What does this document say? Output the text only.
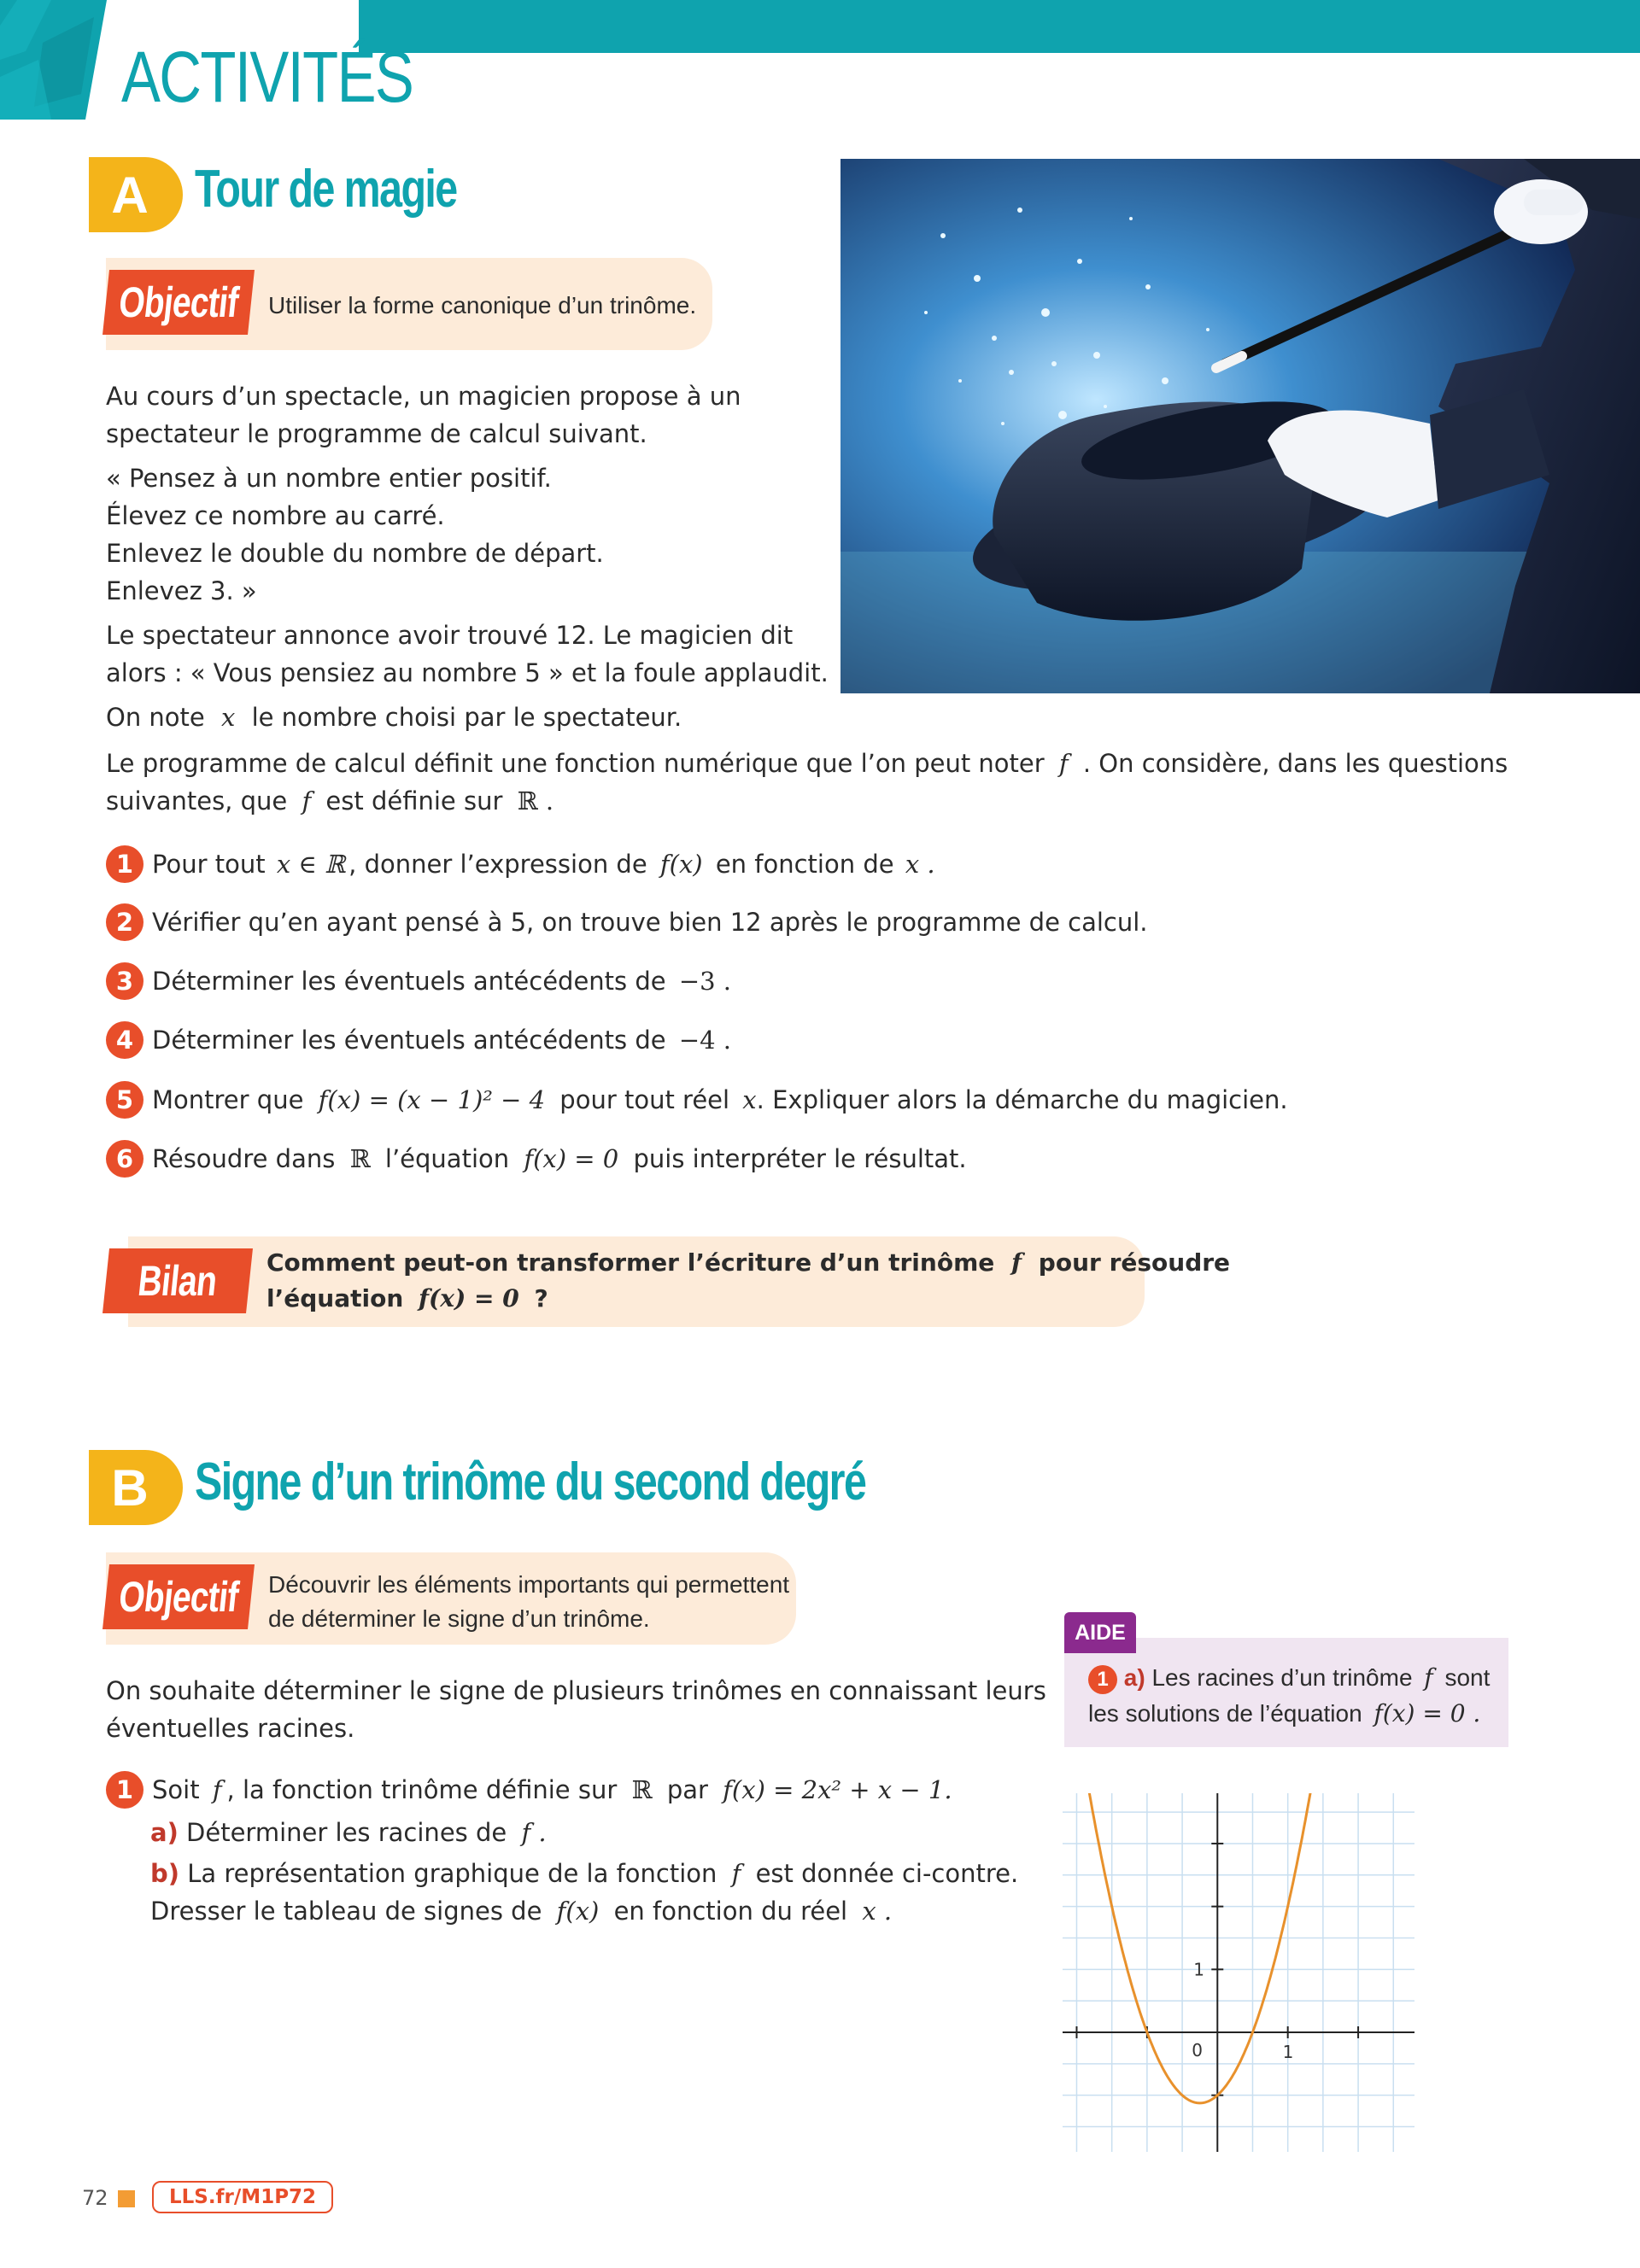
ACTIVITÉS
A Tour de magie
Objectif Utiliser la forme canonique d’un trinôme.
Au cours d’un spectacle, un magicien propose à un
spectateur le programme de calcul suivant.
« Pensez à un nombre entier positif.
Élevez ce nombre au carré.
Enlevez le double du nombre de départ.
Enlevez 3. »
Le spectateur annonce avoir trouvé 12. Le magicien dit
alors : « Vous pensiez au nombre 5 » et la foule applaudit.
On note x le nombre choisi par le spectateur.
Le programme de calcul définit une fonction numérique que l’on peut noter f . On considère, dans les questions
suivantes, que f est définie sur ℝ .
1 Pour tout x ∈ ℝ , donner l’expression de f(x) en fonction de x .
2 Vérifier qu’en ayant pensé à 5, on trouve bien 12 après le programme de calcul.
3 Déterminer les éventuels antécédents de −3 .
4 Déterminer les éventuels antécédents de −4 .
5 Montrer que f(x) = (x − 1)² − 4 pour tout réel x. Expliquer alors la démarche du magicien.
6 Résoudre dans ℝ l’équation f(x) = 0 puis interpréter le résultat.
Bilan Comment peut-on transformer l’écriture d’un trinôme f pour résoudre
l’équation f(x) = 0 ?
B Signe d’un trinôme du second degré
Objectif Découvrir les éléments importants qui permettent
de déterminer le signe d’un trinôme.
On souhaite déterminer le signe de plusieurs trinômes en connaissant leurs
éventuelles racines.
1 Soit f , la fonction trinôme définie sur ℝ par f(x) = 2x² + x − 1.
a) Déterminer les racines de f .
b) La représentation graphique de la fonction f est donnée ci-contre.
Dresser le tableau de signes de f(x) en fonction du réel x .
AIDE
1 a) Les racines d’un trinôme f sont
les solutions de l’équation f(x) = 0 .
1
1
0
72	LLS.fr/M1P72
